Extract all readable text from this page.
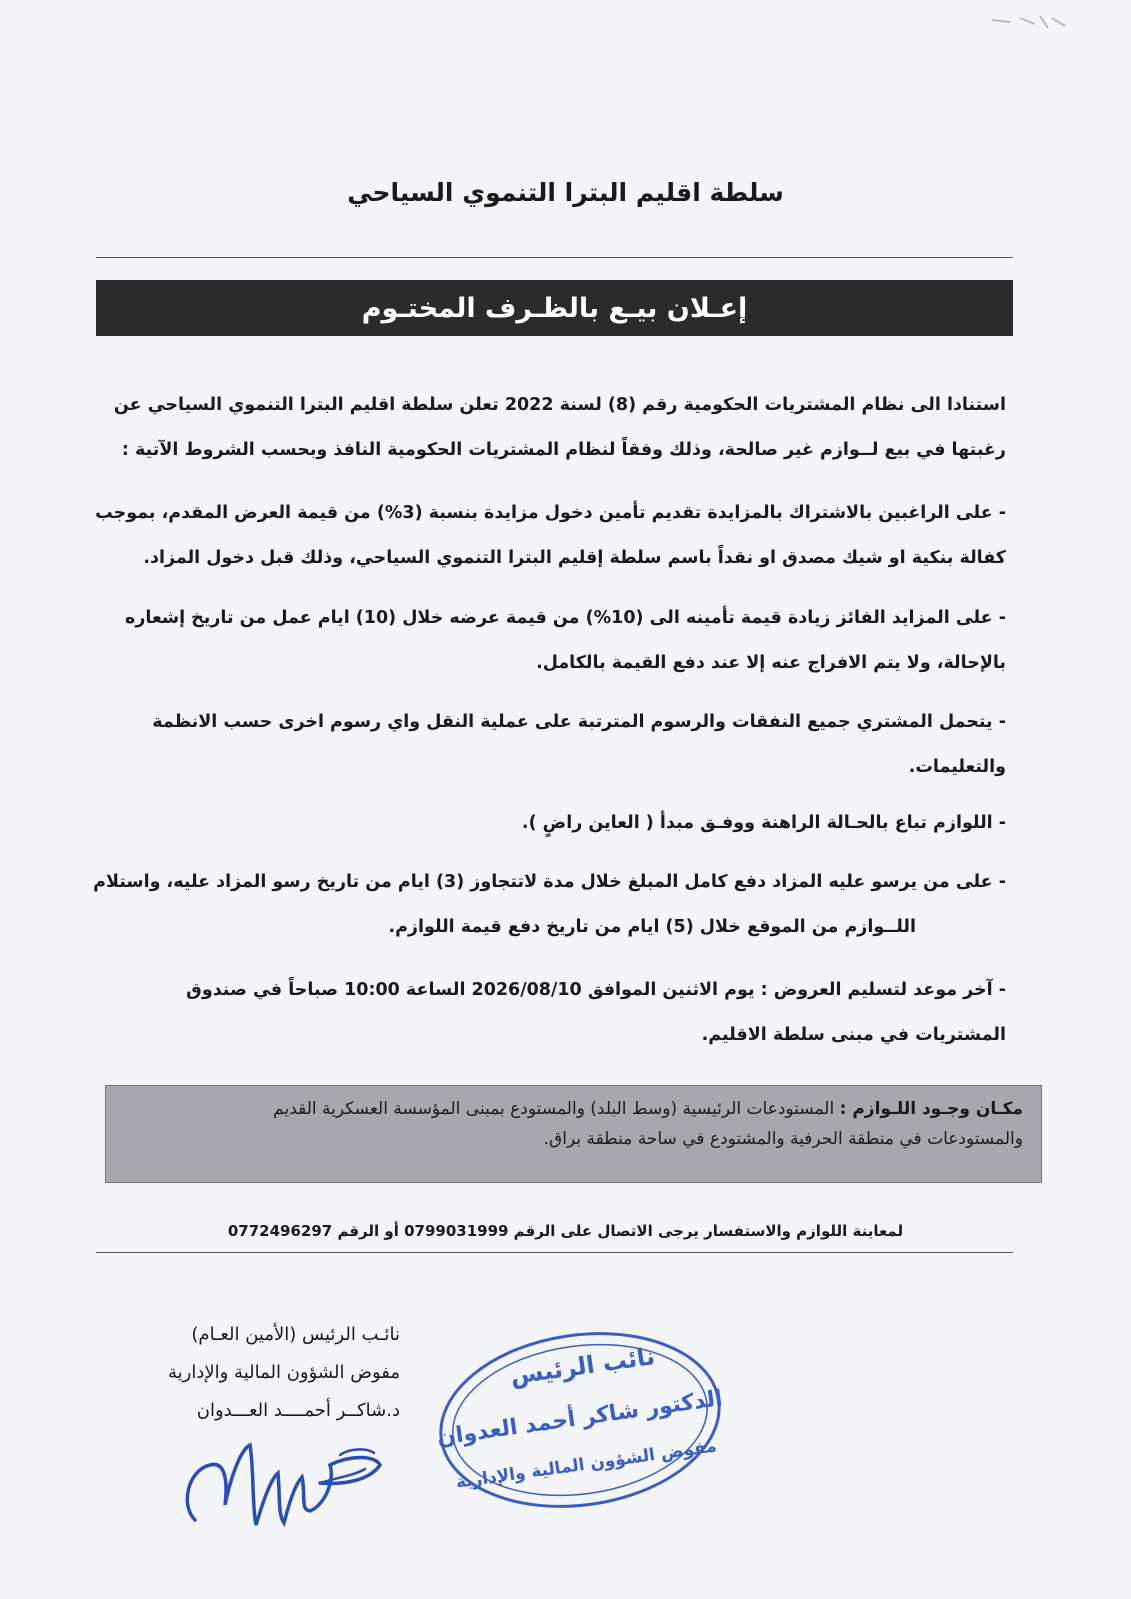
سلطة اقليم البترا التنموي السياحي
إعـلان بيـع بالظـرف المختـوم

استنادا الى نظام المشتريات الحكومية رقم (8) لسنة 2022 تعلن سلطة اقليم البترا التنموي السياحي عن

رغبتها في بيع لــوازم غير صالحة، وذلك وفقاً لنظام المشتريات الحكومية النافذ وبحسب الشروط الآتية :

- على الراغبين بالاشتراك بالمزايدة تقديم تأمين دخول مزايدة بنسبة (3%) من قيمة العرض المقدم، بموجب

كفالة بنكية او شيك مصدق او نقداً باسم سلطة إقليم البترا التنموي السياحي، وذلك قبل دخول المزاد.

- على المزايد الفائز زيادة قيمة تأمينه الى (10%) من قيمة عرضه خلال (10) ايام عمل من تاريخ إشعاره

بالإحالة، ولا يتم الافراج عنه إلا عند دفع القيمة بالكامل.

- يتحمل المشتري جميع النفقات والرسوم المترتبة على عملية النقل واي رسوم اخرى حسب الانظمة

والتعليمات.

- اللوازم تباع بالحـالة الراهنة ووفـق مبدأ ( العاين راضٍ ).

- على من يرسو عليه المزاد دفع كامل المبلغ خلال مدة لاتتجاوز (3) ايام من تاريخ رسو المزاد عليه، واستلام

اللــوازم من الموقع خلال (5) ايام من تاريخ دفع قيمة اللوازم.

- آخر موعد لتسليم العروض : يوم الاثنين الموافق 2026/08/10 الساعة 10:00 صباحاً في صندوق

المشتريات في مبنى سلطة الاقليم.

مكـان وجـود اللـوازم : المستودعات الرئيسية (وسط البلد) والمستودع بمبنى المؤسسة العسكرية القديم
والمستودعات في منطقة الحرفية والمشتودع في ساحة منطقة براق.
لمعاينة اللوازم والاستفسار يرجى الاتصال على الرقم 0799031999 أو الرقم 0772496297
نائـب الرئيس (الأمين العـام)
مفوض الشؤون المالية والإدارية
د.شاكــر أحمــــد العـــدوان
نائب الرئيس
الدكتور شاكر أحمد العدوان
مفوض الشؤون المالية والإدارية
